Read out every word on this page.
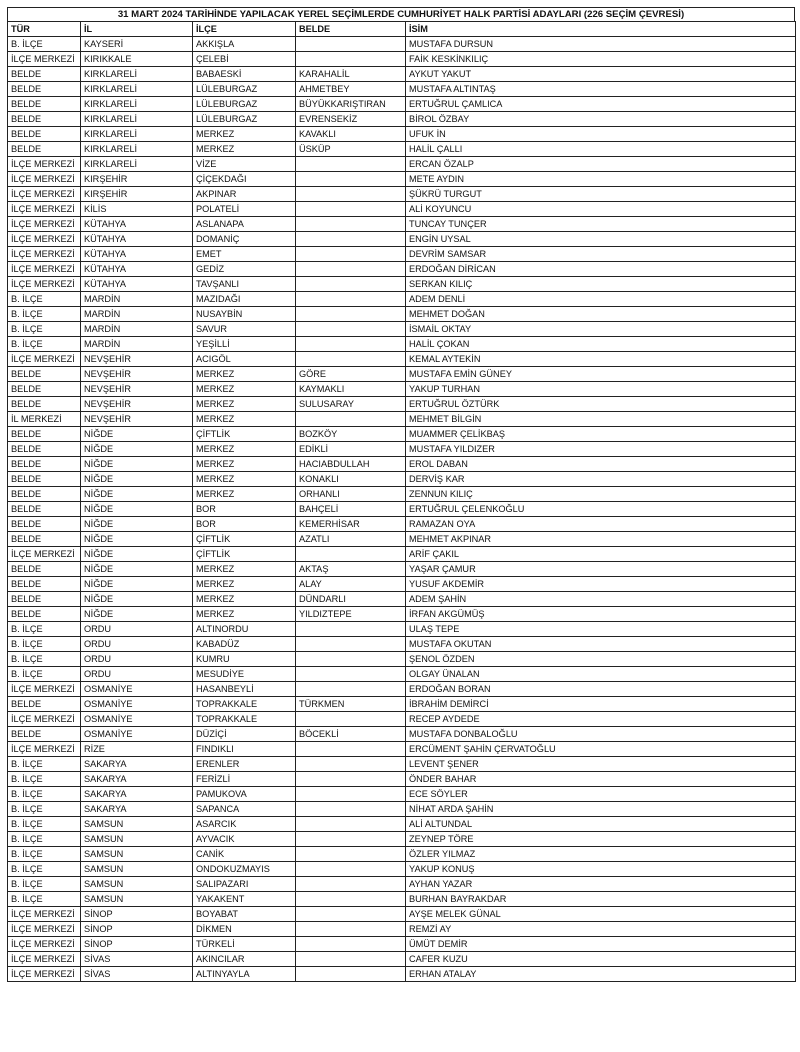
31 MART 2024 TARİHİNDE YAPILACAK YEREL SEÇİMLERDE CUMHURİYET HALK PARTİSİ ADAYLARI (226 SEÇİM ÇEVRESİ)
TÜR	İL	İLÇE	BELDE	İSİM
B. İLÇE	KAYSERİ	AKKIŞLA		MUSTAFA DURSUN
İLÇE MERKEZİ	KIRIKKALE	ÇELEBİ		FAİK KESKİNKILIÇ
BELDE	KIRKLARELİ	BABAESKİ	KARAHALİL	AYKUT YAKUT
BELDE	KIRKLARELİ	LÜLEBURGAZ	AHMETBEY	MUSTAFA ALTINTAŞ
BELDE	KIRKLARELİ	LÜLEBURGAZ	BÜYÜKKARIŞTIRAN	ERTUĞRUL ÇAMLICA
BELDE	KIRKLARELİ	LÜLEBURGAZ	EVRENSEKİZ	BİROL ÖZBAY
BELDE	KIRKLARELİ	MERKEZ	KAVAKLI	UFUK İN
BELDE	KIRKLARELİ	MERKEZ	ÜSKÜP	HALİL ÇALLI
İLÇE MERKEZİ	KIRKLARELİ	VİZE		ERCAN ÖZALP
İLÇE MERKEZİ	KIRŞEHİR	ÇİÇEKDAĞI		METE AYDIN
İLÇE MERKEZİ	KIRŞEHİR	AKPINAR		ŞÜKRÜ TURGUT
İLÇE MERKEZİ	KİLİS	POLATELİ		ALİ KOYUNCU
İLÇE MERKEZİ	KÜTAHYA	ASLANAPA		TUNCAY TUNÇER
İLÇE MERKEZİ	KÜTAHYA	DOMANİÇ		ENGİN UYSAL
İLÇE MERKEZİ	KÜTAHYA	EMET		DEVRİM SAMSAR
İLÇE MERKEZİ	KÜTAHYA	GEDİZ		ERDOĞAN DİRİCAN
İLÇE MERKEZİ	KÜTAHYA	TAVŞANLI		SERKAN KILIÇ
B. İLÇE	MARDİN	MAZIDAĞI		ADEM DENLİ
B. İLÇE	MARDİN	NUSAYBİN		MEHMET DOĞAN
B. İLÇE	MARDİN	SAVUR		İSMAİL OKTAY
B. İLÇE	MARDİN	YEŞİLLİ		HALİL ÇOKAN
İLÇE MERKEZİ	NEVŞEHİR	ACIGÖL		KEMAL AYTEKİN
BELDE	NEVŞEHİR	MERKEZ	GÖRE	MUSTAFA EMİN GÜNEY
BELDE	NEVŞEHİR	MERKEZ	KAYMAKLI	YAKUP TURHAN
BELDE	NEVŞEHİR	MERKEZ	SULUSARAY	ERTUĞRUL ÖZTÜRK
İL MERKEZİ	NEVŞEHİR	MERKEZ		MEHMET BİLGİN
BELDE	NİĞDE	ÇİFTLİK	BOZKÖY	MUAMMER ÇELİKBAŞ
BELDE	NİĞDE	MERKEZ	EDİKLİ	MUSTAFA YILDIZER
BELDE	NİĞDE	MERKEZ	HACIABDULLAH	EROL DABAN
BELDE	NİĞDE	MERKEZ	KONAKLI	DERVİŞ KAR
BELDE	NİĞDE	MERKEZ	ORHANLI	ZENNUN KILIÇ
BELDE	NİĞDE	BOR	BAHÇELİ	ERTUĞRUL ÇELENKOĞLU
BELDE	NİĞDE	BOR	KEMERHİSAR	RAMAZAN OYA
BELDE	NİĞDE	ÇİFTLİK	AZATLI	MEHMET AKPINAR
İLÇE MERKEZİ	NİĞDE	ÇİFTLİK		ARİF ÇAKIL
BELDE	NİĞDE	MERKEZ	AKTAŞ	YAŞAR ÇAMUR
BELDE	NİĞDE	MERKEZ	ALAY	YUSUF AKDEMİR
BELDE	NİĞDE	MERKEZ	DÜNDARLI	ADEM ŞAHİN
BELDE	NİĞDE	MERKEZ	YILDIZTEPE	İRFAN AKGÜMÜŞ
B. İLÇE	ORDU	ALTINORDU		ULAŞ TEPE
B. İLÇE	ORDU	KABADÜZ		MUSTAFA OKUTAN
B. İLÇE	ORDU	KUMRU		ŞENOL ÖZDEN
B. İLÇE	ORDU	MESUDİYE		OLGAY ÜNALAN
İLÇE MERKEZİ	OSMANİYE	HASANBEYLİ		ERDOĞAN BORAN
BELDE	OSMANİYE	TOPRAKKALE	TÜRKMEN	İBRAHİM DEMİRCİ
İLÇE MERKEZİ	OSMANİYE	TOPRAKKALE		RECEP AYDEDE
BELDE	OSMANİYE	DÜZİÇİ	BÖCEKLİ	MUSTAFA DONBALOĞLU
İLÇE MERKEZİ	RİZE	FINDIKLI		ERCÜMENT ŞAHİN ÇERVATOĞLU
B. İLÇE	SAKARYA	ERENLER		LEVENT ŞENER
B. İLÇE	SAKARYA	FERİZLİ		ÖNDER BAHAR
B. İLÇE	SAKARYA	PAMUKOVA		ECE SÖYLER
B. İLÇE	SAKARYA	SAPANCA		NİHAT ARDA ŞAHİN
B. İLÇE	SAMSUN	ASARCIK		ALİ ALTUNDAL
B. İLÇE	SAMSUN	AYVACIK		ZEYNEP TÖRE
B. İLÇE	SAMSUN	CANİK		ÖZLER YILMAZ
B. İLÇE	SAMSUN	ONDOKUZMAYIS		YAKUP KONUŞ
B. İLÇE	SAMSUN	SALIPAZARI		AYHAN YAZAR
B. İLÇE	SAMSUN	YAKAKENT		BURHAN BAYRAKDAR
İLÇE MERKEZİ	SİNOP	BOYABAT		AYŞE MELEK GÜNAL
İLÇE MERKEZİ	SİNOP	DİKMEN		REMZİ AY
İLÇE MERKEZİ	SİNOP	TÜRKELİ		ÜMÜT DEMİR
İLÇE MERKEZİ	SİVAS	AKINCILAR		CAFER KUZU
İLÇE MERKEZİ	SİVAS	ALTINYAYLA		ERHAN ATALAY
